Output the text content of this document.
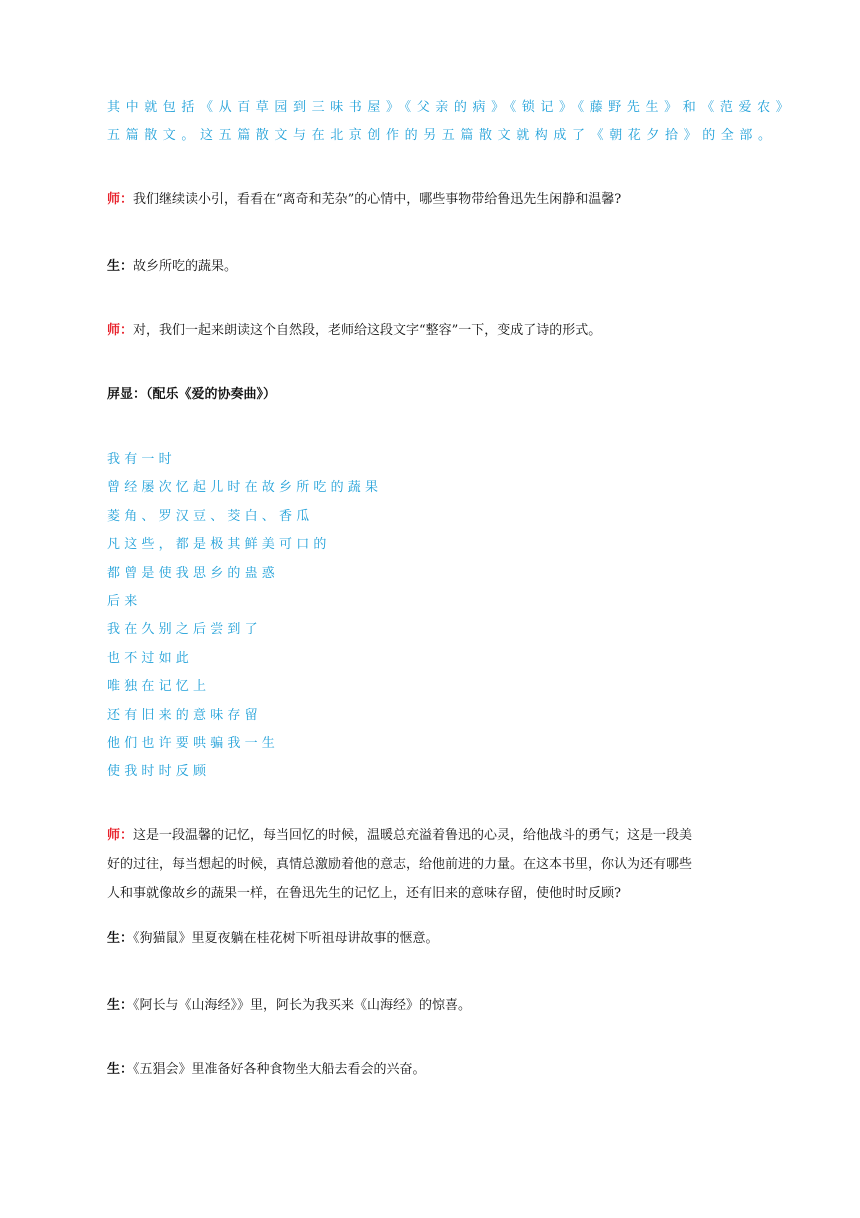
其中就包括《从百草园到三味书屋》《父亲的病》《锁记》《藤野先生》和《范爱农》
五篇散文。这五篇散文与在北京创作的另五篇散文就构成了《朝花夕拾》的全部。

师：我们继续读小引，看看在“离奇和芜杂”的心情中，哪些事物带给鲁迅先生闲静和温馨?

生：故乡所吃的蔬果。

师：对，我们一起来朗读这个自然段，老师给这段文字“整容”一下，变成了诗的形式。

屏显：（配乐《爱的协奏曲》）

我有一时
曾经屡次忆起儿时在故乡所吃的蔬果
菱角、罗汉豆、茭白、香瓜
凡这些，都是极其鲜美可口的
都曾是使我思乡的蛊惑
后来
我在久别之后尝到了
也不过如此
唯独在记忆上
还有旧来的意味存留
他们也许要哄骗我一生
使我时时反顾
师：这是一段温馨的记忆，每当回忆的时候，温暖总充溢着鲁迅的心灵，给他战斗的勇气；这是一段美
好的过往，每当想起的时候，真情总激励着他的意志，给他前进的力量。在这本书里，你认为还有哪些
人和事就像故乡的蔬果一样，在鲁迅先生的记忆上，还有旧来的意味存留，使他时时反顾?

生：《狗猫鼠》里夏夜躺在桂花树下听祖母讲故事的惬意。

生：《阿长与《山海经》》里，阿长为我买来《山海经》的惊喜。

生：《五猖会》里准备好各种食物坐大船去看会的兴奋。
